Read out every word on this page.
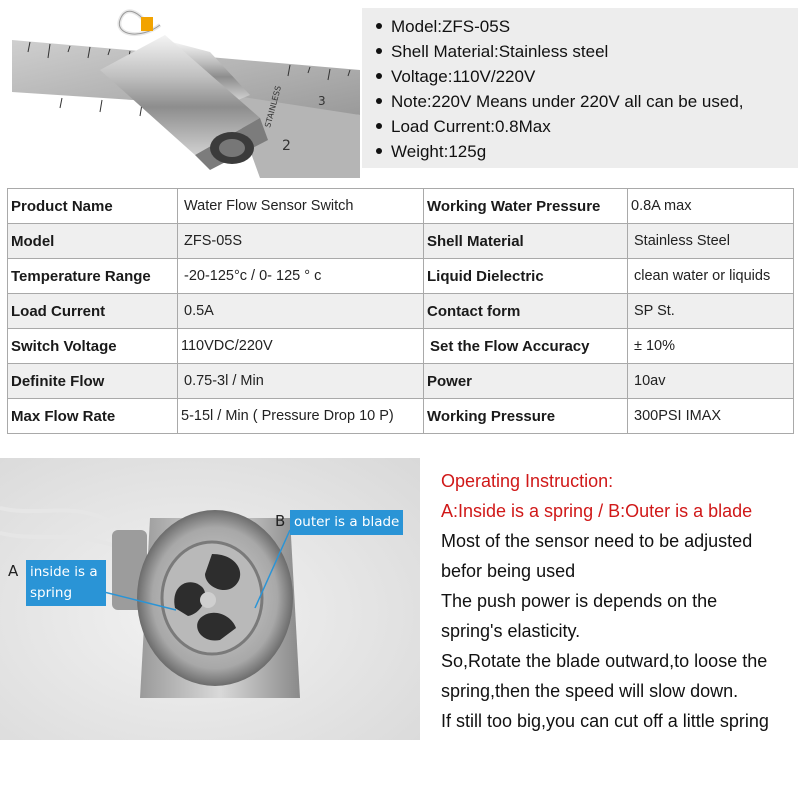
2
3
STAINLESS
Model:ZFS-05S
Shell Material:Stainless steel
Voltage:110V/220V
Note:220V Means under 220V all can be used,
Load Current:0.8Max
Weight:125g
Product Name	Water Flow Sensor Switch	Working Water Pressure	0.8A max
Model	ZFS-05S	Shell Material	Stainless Steel
Temperature Range	-20-125°c / 0- 125 ° c	Liquid Dielectric	clean water or liquids
Load Current	0.5A	Contact form	SP St.
Switch Voltage	110VDC/220V	Set the Flow Accuracy	± 10%
Definite Flow	0.75-3l / Min	Power	10av
Max Flow Rate	5-15l / Min ( Pressure Drop 10 P)	Working Pressure	300PSI IMAX
A inside is a
spring
B outer is a blade
Operating Instruction:
A:Inside is a spring / B:Outer is a blade
Most of the sensor need to be adjusted
befor being used
The push power is depends on the
spring's elasticity.
So,Rotate the blade outward,to loose the
spring,then the speed will slow down.
If still too big,you can cut off a little spring
